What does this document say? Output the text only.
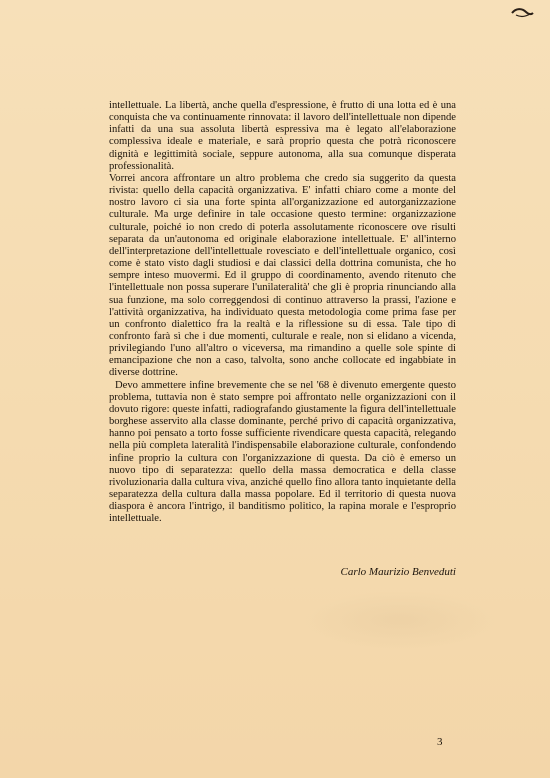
intellettuale. La libertà, anche quella d'espressione, è frutto di una lotta ed è una conquista che va continuamente rinnovata: il lavoro dell'intellettuale non dipende infatti da una sua assoluta libertà espressiva ma è legato all'elaborazione complessiva ideale e materiale, e sarà proprio questa che potrà riconoscere dignità e legittimità sociale, seppure autonoma, alla sua comunque disperata professionalità.

Vorrei ancora affrontare un altro problema che credo sia suggerito da questa rivista: quello della capacità organizzativa. E' infatti chiaro come a monte del nostro lavoro ci sia una forte spinta all'organizzazione ed autorganizzazione culturale. Ma urge definire in tale occasione questo termine: organizzazione culturale, poiché io non credo di poterla assolutamente riconoscere ove risulti separata da un'autonoma ed originale elaborazione intellettuale. E' all'interno dell'interpretazione dell'intellettuale rovesciato e dell'intellettuale organico, così come è stato visto dagli studiosi e dai classici della dottrina comunista, che ho sempre inteso muovermi. Ed il gruppo di coordinamento, avendo ritenuto che l'intellettuale non possa superare l'unilateralità' che gli è propria rinunciando alla sua funzione, ma solo correggendosi di continuo attraverso la prassi, l'azione e l'attività organizzativa, ha individuato questa metodologia come prima fase per un confronto dialettico fra la realtà e la riflessione su di essa. Tale tipo di confronto farà sì che i due momenti, culturale e reale, non si elidano a vicenda, privilegiando l'uno all'altro o viceversa, ma rimandino a quelle sole spinte di emancipazione che non a caso, talvolta, sono anche collocate ed ingabbiate in diverse dottrine.

Devo ammettere infine brevemente che se nel '68 è divenuto emergente questo problema, tuttavia non è stato sempre poi affrontato nelle organizzazioni con il dovuto rigore: queste infatti, radiografando giustamente la figura dell'intellettuale borghese asservito alla classe dominante, perché privo di capacità organizzativa, hanno poi pensato a torto fosse sufficiente rivendicare questa capacità, relegando nella più completa lateralità l'indispensabile elaborazione culturale, confondendo infine proprio la cultura con l'organizzazione di questa. Da ciò è emerso un nuovo tipo di separatezza: quello della massa democratica e della classe rivoluzionaria dalla cultura viva, anziché quello fino allora tanto inquietante della separatezza della cultura dalla massa popolare. Ed il territorio di questa nuova diaspora è ancora l'intrigo, il banditismo politico, la rapina morale e l'esproprio intellettuale.

Carlo Maurizio Benveduti
3
